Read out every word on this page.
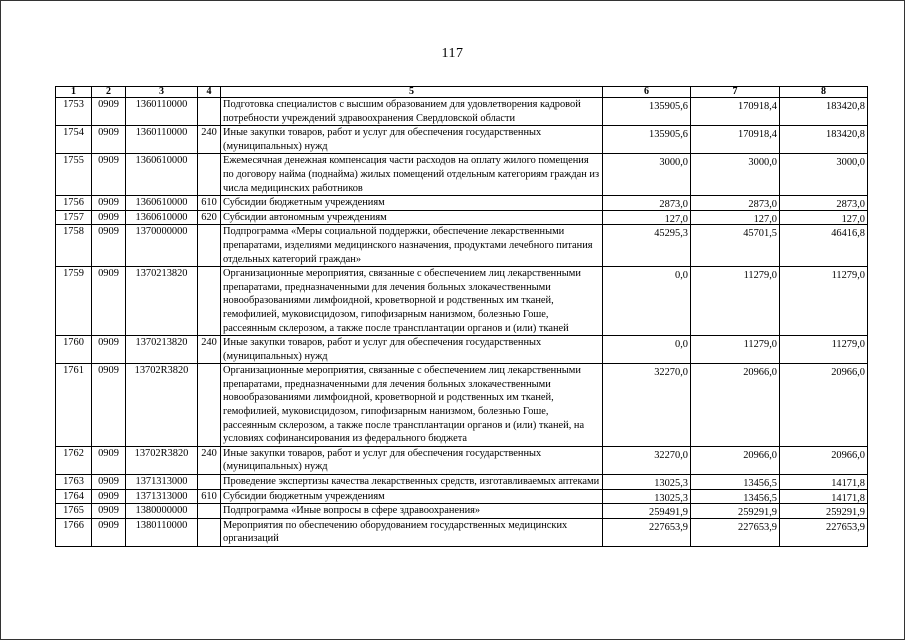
117
1	2	3	4	5	6	7	8
1753	0909	1360110000		Подготовка специалистов с высшим образованием для удовлетворения кадровой потребности учреждений здравоохранения Свердловской области	135905,6	170918,4	183420,8
1754	0909	1360110000	240	Иные закупки товаров, работ и услуг для обеспечения государственных (муниципальных) нужд	135905,6	170918,4	183420,8
1755	0909	1360610000		Ежемесячная денежная компенсация части расходов на оплату жилого помещения по договору найма (поднайма) жилых помещений отдельным категориям граждан из числа медицинских работников	3000,0	3000,0	3000,0
1756	0909	1360610000	610	Субсидии бюджетным учреждениям	2873,0	2873,0	2873,0
1757	0909	1360610000	620	Субсидии автономным учреждениям	127,0	127,0	127,0
1758	0909	1370000000		Подпрограмма «Меры социальной поддержки, обеспечение лекарственными препаратами, изделиями медицинского назначения, продуктами лечебного питания отдельных категорий граждан»	45295,3	45701,5	46416,8
1759	0909	1370213820		Организационные мероприятия, связанные с обеспечением лиц лекарственными препаратами, предназначенными для лечения больных злокачественными новообразованиями лимфоидной, кроветворной и родственных им тканей, гемофилией, муковисцидозом, гипофизарным нанизмом, болезнью Гоше, рассеянным склерозом, а также после трансплантации органов и (или) тканей	0,0	11279,0	11279,0
1760	0909	1370213820	240	Иные закупки товаров, работ и услуг для обеспечения государственных (муниципальных) нужд	0,0	11279,0	11279,0
1761	0909	13702R3820		Организационные мероприятия, связанные с обеспечением лиц лекарственными препаратами, предназначенными для лечения больных злокачественными новообразованиями лимфоидной, кроветворной и родственных им тканей, гемофилией, муковисцидозом, гипофизарным нанизмом, болезнью Гоше, рассеянным склерозом, а также после трансплантации органов и (или) тканей, на условиях софинансирования из федерального бюджета	32270,0	20966,0	20966,0
1762	0909	13702R3820	240	Иные закупки товаров, работ и услуг для обеспечения государственных (муниципальных) нужд	32270,0	20966,0	20966,0
1763	0909	1371313000		Проведение экспертизы качества лекарственных средств, изготавливаемых аптеками	13025,3	13456,5	14171,8
1764	0909	1371313000	610	Субсидии бюджетным учреждениям	13025,3	13456,5	14171,8
1765	0909	1380000000		Подпрограмма «Иные вопросы в сфере здравоохранения»	259491,9	259291,9	259291,9
1766	0909	1380110000		Мероприятия по обеспечению оборудованием государственных медицинских организаций	227653,9	227653,9	227653,9
